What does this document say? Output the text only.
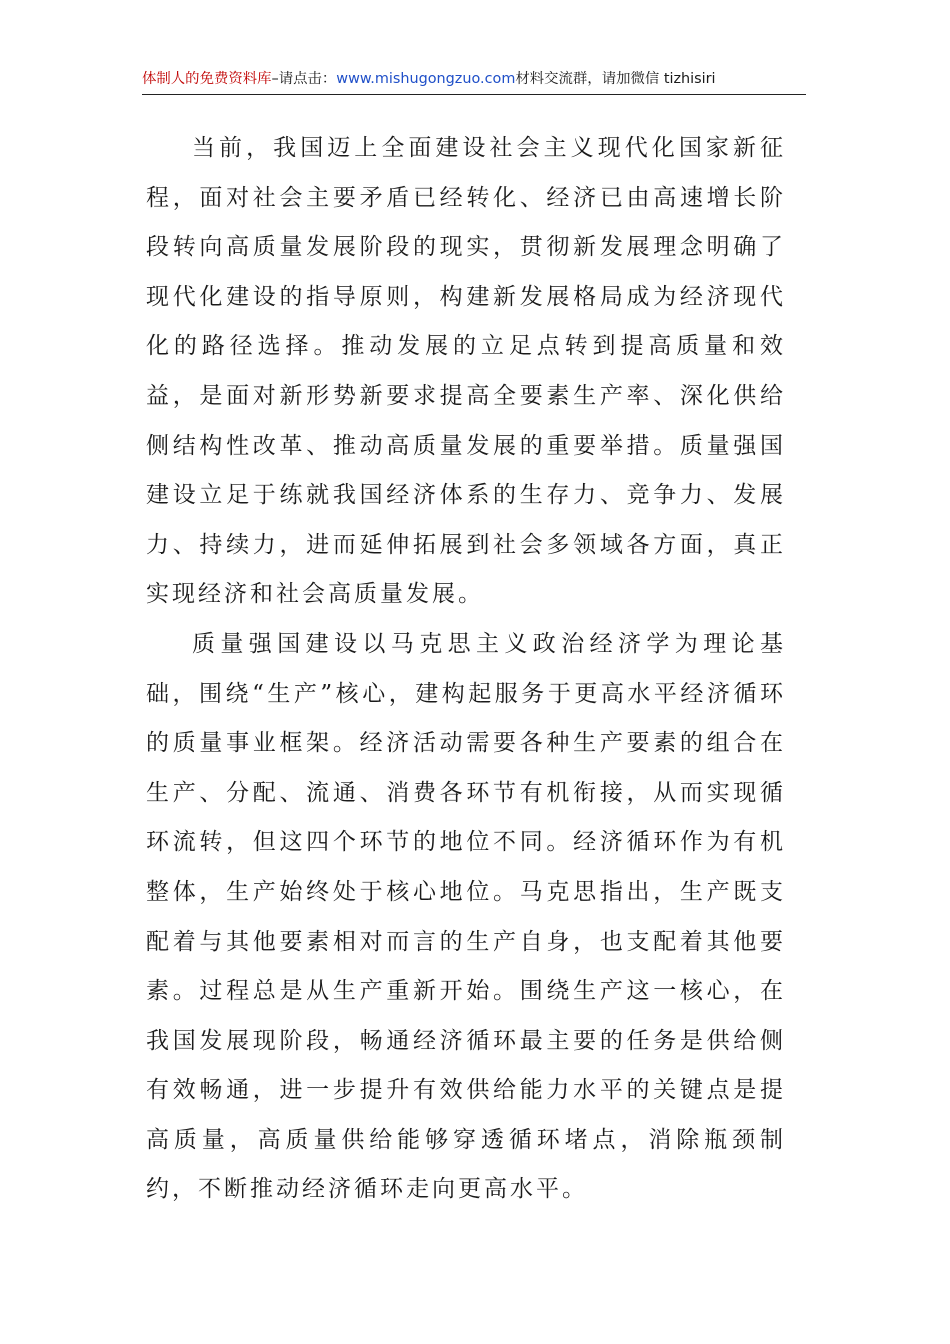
体制人的免费资料库–请点击：www.mishugongzuo.com材料交流群，请加微信 tizhisiri

当前，我国迈上全面建设社会主义现代化国家新征程，面对社会主要矛盾已经转化、经济已由高速增长阶段转向高质量发展阶段的现实，贯彻新发展理念明确了现代化建设的指导原则，构建新发展格局成为经济现代化的路径选择。推动发展的立足点转到提高质量和效益，是面对新形势新要求提高全要素生产率、深化供给侧结构性改革、推动高质量发展的重要举措。质量强国建设立足于练就我国经济体系的生存力、竞争力、发展力、持续力，进而延伸拓展到社会多领域各方面，真正实现经济和社会高质量发展。

质量强国建设以马克思主义政治经济学为理论基础，围绕“生产”核心，建构起服务于更高水平经济循环的质量事业框架。经济活动需要各种生产要素的组合在生产、分配、流通、消费各环节有机衔接，从而实现循环流转，但这四个环节的地位不同。经济循环作为有机整体，生产始终处于核心地位。马克思指出，生产既支配着与其他要素相对而言的生产自身，也支配着其他要素。过程总是从生产重新开始。围绕生产这一核心，在我国发展现阶段，畅通经济循环最主要的任务是供给侧有效畅通，进一步提升有效供给能力水平的关键点是提高质量，高质量供给能够穿透循环堵点，消除瓶颈制约，不断推动经济循环走向更高水平。
